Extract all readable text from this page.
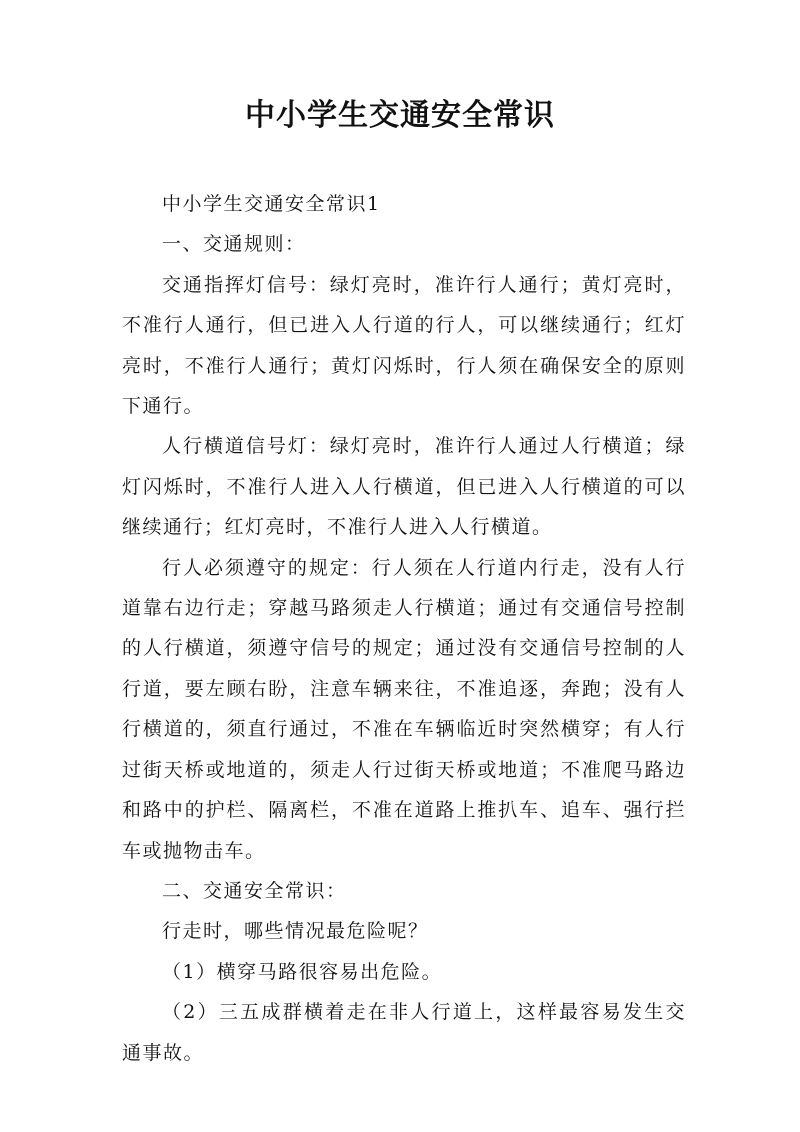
中小学生交通安全常识

中小学生交通安全常识1

一、交通规则：

交通指挥灯信号：绿灯亮时，准许行人通行；黄灯亮时，不准行人通行，但已进入人行道的行人，可以继续通行；红灯亮时，不准行人通行；黄灯闪烁时，行人须在确保安全的原则下通行。

人行横道信号灯：绿灯亮时，准许行人通过人行横道；绿灯闪烁时，不准行人进入人行横道，但已进入人行横道的可以继续通行；红灯亮时，不准行人进入人行横道。

行人必须遵守的规定：行人须在人行道内行走，没有人行道靠右边行走；穿越马路须走人行横道；通过有交通信号控制的人行横道，须遵守信号的规定；通过没有交通信号控制的人行道，要左顾右盼，注意车辆来往，不准追逐，奔跑；没有人行横道的，须直行通过，不准在车辆临近时突然横穿；有人行过街天桥或地道的，须走人行过街天桥或地道；不准爬马路边和路中的护栏、隔离栏，不准在道路上推扒车、追车、强行拦车或抛物击车。

二、交通安全常识：

行走时，哪些情况最危险呢？

（1）横穿马路很容易出危险。

（2）三五成群横着走在非人行道上，这样最容易发生交通事故。
